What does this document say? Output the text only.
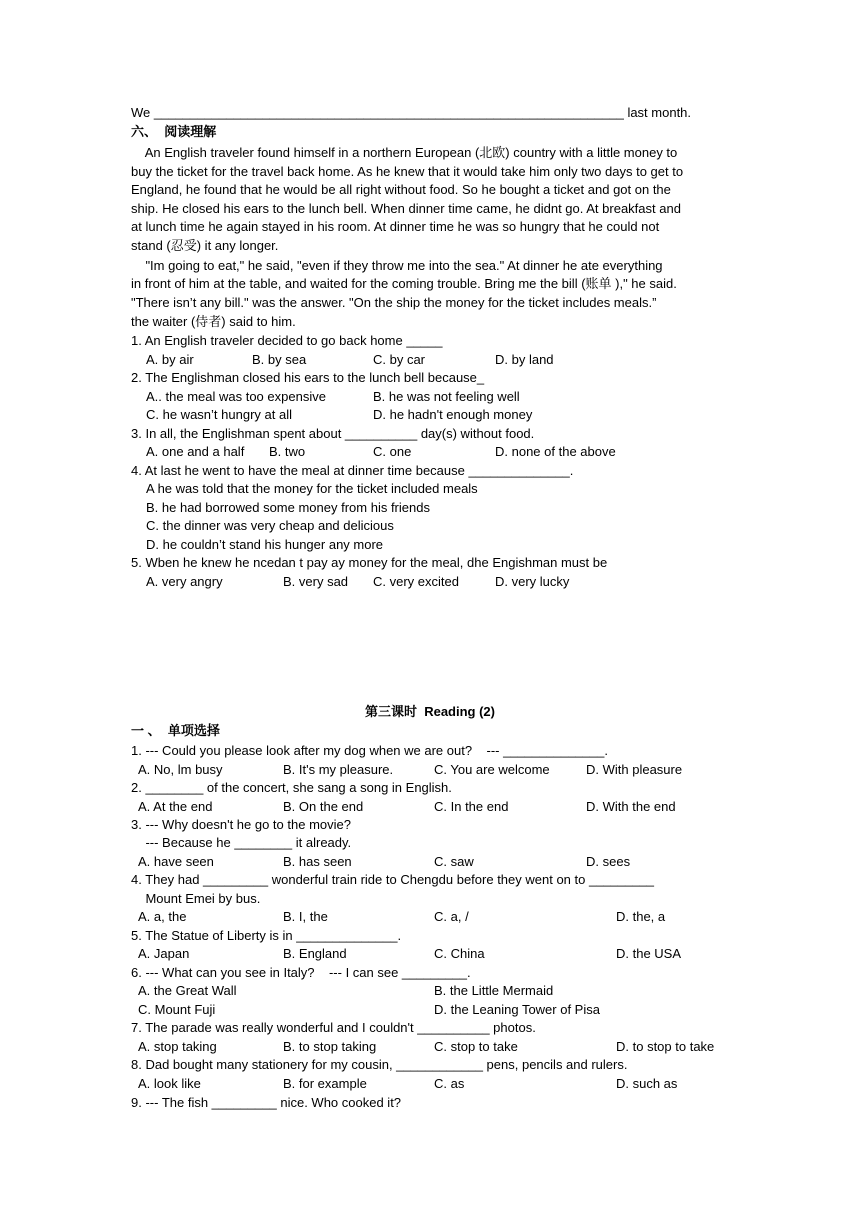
We _________________________________________________________________ last month.
六、  阅读理解
An English traveler found himself in a northern European (北欧) country with a little money to
buy the ticket for the travel back home. As he knew that it would take him only two days to get to
England, he found that he would be all right without food. So he bought a ticket and got on the
ship. He closed his ears to the lunch bell. When dinner time came, he didnt go. At breakfast and
at lunch time he again stayed in his room. At dinner time he was so hungry that he could not
stand (忍受) it any longer.
"Im going to eat," he said, "even if they throw me into the sea." At dinner he ate everything
in front of him at the table, and waited for the coming trouble. Bring me the bill (账单 )," he said.
"There isn’t any bill." was the answer. "On the ship the money for the ticket includes meals.”
the waiter (侍者) said to him.
1. An English traveler decided to go back home _____
A. by air	B. by sea	C. by car	D. by land
2. The Englishman closed his ears to the lunch bell because_
A.. the meal was too expensive	B. he was not feeling well
C. he wasn’t hungry at all	D. he hadn't enough money
3. In all, the Englishman spent about __________ day(s) without food.
A. one and a half B. two	C. one	D. none of the above
4. At last he went to have the meal at dinner time because ______________.
A he was told that the money for the ticket included meals
B. he had borrowed some money from his friends
C. the dinner was very cheap and delicious
D. he couldn’t stand his hunger any more
5. Wben he knew he ncedan t pay ay money for the meal, dhe Engishman must be
A. very angry	B. very sad C. very excited	D. very lucky
第三课时  Reading (2)
一 、  单项选择
1. --- Could you please look after my dog when we are out?    --- ______________.
A. No, lm busy	B. It's my pleasure.	C. You are welcome	D. With pleasure
2. ________ of the concert, she sang a song in English.
A. At the end	B. On the end	C. In the end	D. With the end
3. --- Why doesn't he go to the movie?
--- Because he ________ it already.
A. have seen	B. has seen	C. saw	D. sees
4. They had _________ wonderful train ride to Chengdu before they went on to _________
Mount Emei by bus.
A. a, the	B. I, the	C. a, /	D. the, a
5. The Statue of Liberty is in ______________.
A. Japan	B. England	C. China	D. the USA
6. --- What can you see in Italy?    --- I can see _________.
A. the Great Wall	B. the Little Mermaid
C. Mount Fuji	D. the Leaning Tower of Pisa
7. The parade was really wonderful and I couldn't __________ photos.
A. stop taking	B. to stop taking	C. stop to take	D. to stop to take
8. Dad bought many stationery for my cousin, ____________ pens, pencils and rulers.
A. look like	B. for example	C. as	D. such as
9. --- The fish _________ nice. Who cooked it?
